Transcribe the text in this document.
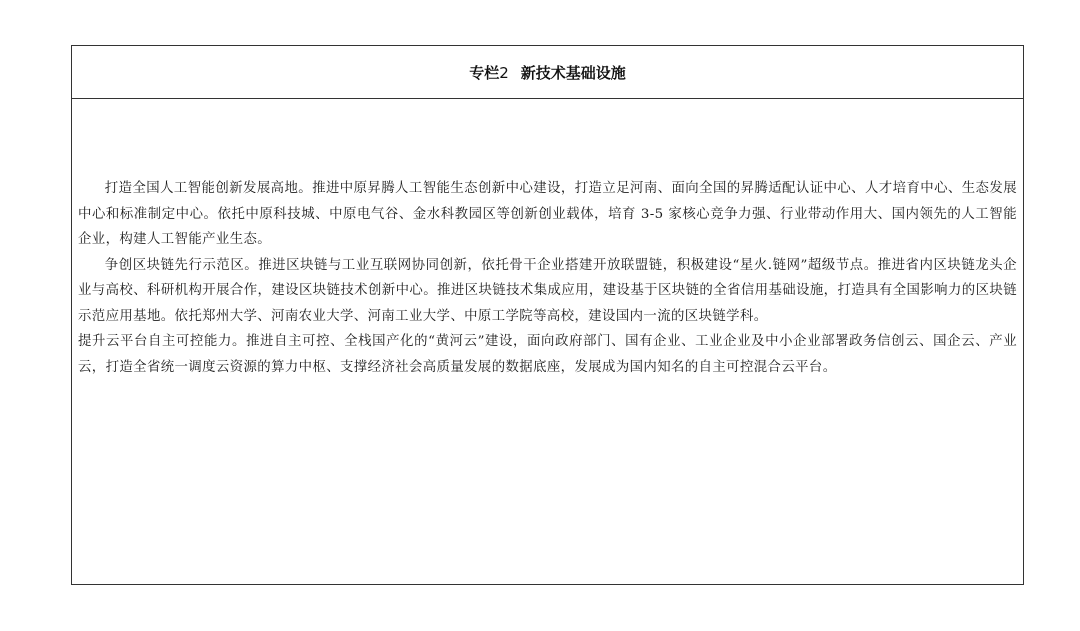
专栏2 新技术基础设施

打造全国人工智能创新发展高地。推进中原昇腾人工智能生态创新中心建设，打造立足河南、面向全国的昇腾适配认证中心、人才培育中心、生态发展中心和标准制定中心。依托中原科技城、中原电气谷、金水科教园区等创新创业载体，培育 3-5 家核心竞争力强、行业带动作用大、国内领先的人工智能企业，构建人工智能产业生态。

争创区块链先行示范区。推进区块链与工业互联网协同创新，依托骨干企业搭建开放联盟链，积极建设“星火.链网”超级节点。推进省内区块链龙头企业与高校、科研机构开展合作，建设区块链技术创新中心。推进区块链技术集成应用，建设基于区块链的全省信用基础设施，打造具有全国影响力的区块链示范应用基地。依托郑州大学、河南农业大学、河南工业大学、中原工学院等高校，建设国内一流的区块链学科。

提升云平台自主可控能力。推进自主可控、全栈国产化的“黄河云”建设，面向政府部门、国有企业、工业企业及中小企业部署政务信创云、国企云、产业云，打造全省统一调度云资源的算力中枢、支撑经济社会高质量发展的数据底座，发展成为国内知名的自主可控混合云平台。
